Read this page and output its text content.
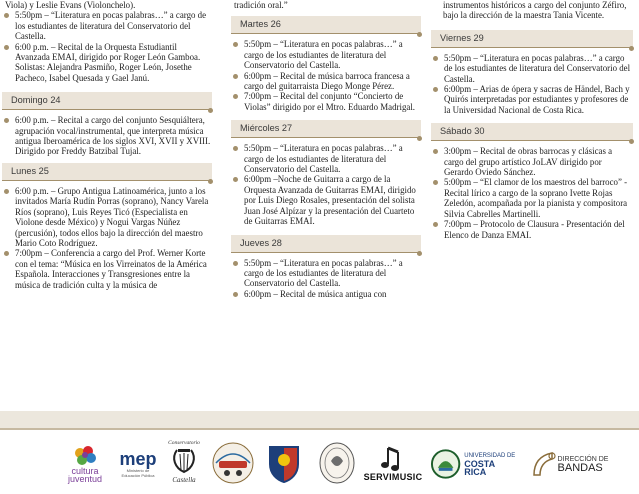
Viola) y Leslie Evans (Violonchelo).

5:50pm – “Literatura en pocas palabras…” a cargo de los estudiantes de literatura del Conservatorio del Castella.

6:00 p.m. – Recital de la Orquesta Estudiantil Avanzada EMAI, dirigido por Roger León Gamboa. Solistas: Alejandra Pasmiño, Roger León, Josethe Pacheco, Isabel Quesada y Gael Janú.

Domingo 24

6:00 p.m. – Recital a cargo del conjunto Sesquiáltera, agrupación vocal/instrumental, que interpreta música antigua Iberoamérica de los siglos XVI, XVII y XVIII. Dirigido por Freddy Batzibal Tujal.

Lunes 25

6:00 p.m. – Grupo Antigua Latinoamérica, junto a los invitados María Rudín Porras (soprano), Nancy Varela Ríos (soprano), Luis Reyes Ticó (Especialista en Violone desde México) y Nogui Vargas Núñez (percusión), todos ellos bajo la dirección del maestro Mario Coto Rodríguez.

7:00pm – Conferencia a cargo del Prof. Werner Korte con el tema: “Música en los Virreinatos de la América Española. Interacciones y Transgresiones entre la música de tradición culta y la música de

tradición oral.”

Martes 26

5:50pm – “Literatura en pocas palabras…” a cargo de los estudiantes de literatura del Conservatorio del Castella.

6:00pm – Recital de música barroca francesa a cargo del guitarraista Diego Monge Pérez.

7:00pm – Recital del conjunto “Concierto de Violas” dirigido por el Mtro. Eduardo Madrigal.

Miércoles 27

5:50pm – “Literatura en pocas palabras…” a cargo de los estudiantes de literatura del Conservatorio del Castella.

6:00pm –Noche de Guitarra a cargo de la Orquesta Avanzada de Guitarras EMAI, dirigido por Luis Diego Rosales, presentación del solista Juan José Alpízar y la presentación del Cuarteto de Guitarras EMAI.

Jueves 28

5:50pm – “Literatura en pocas palabras…” a cargo de los estudiantes de literatura del Conservatorio del Castella.

6:00pm – Recital de música antigua con

instrumentos históricos a cargo del conjunto Zéfiro, bajo la dirección de la maestra Tania Vicente.

Viernes 29

5:50pm – “Literatura en pocas palabras…” a cargo de los estudiantes de literatura del Conservatorio del Castella.

6:00pm – Arias de ópera y sacras de Händel, Bach y Quirós interpretadas por estudiantes y profesores de la Universidad Nacional de Costa Rica.

Sábado 30

3:00pm – Recital de obras barrocas y clásicas a cargo del grupo artístico JoLAV dirigido por Gerardo Oviedo Sánchez.

5:00pm – “El clamor de los maestros del barroco” - Recital lírico a cargo de la soprano Ivette Rojas Zeledón, acompañada por la pianista y compositora Silvia Cabrelles Martinelli.

7:00pm – Protocolo de Clausura - Presentación del Elenco de Danza EMAI.

cultura
juventud
mep
Ministerio de Educación Pública
Conservatorio
Castella	SERVIMUSIC
UNIVERSIDAD DE
COSTA RICA
DIRECCIÓN DE
BANDAS
